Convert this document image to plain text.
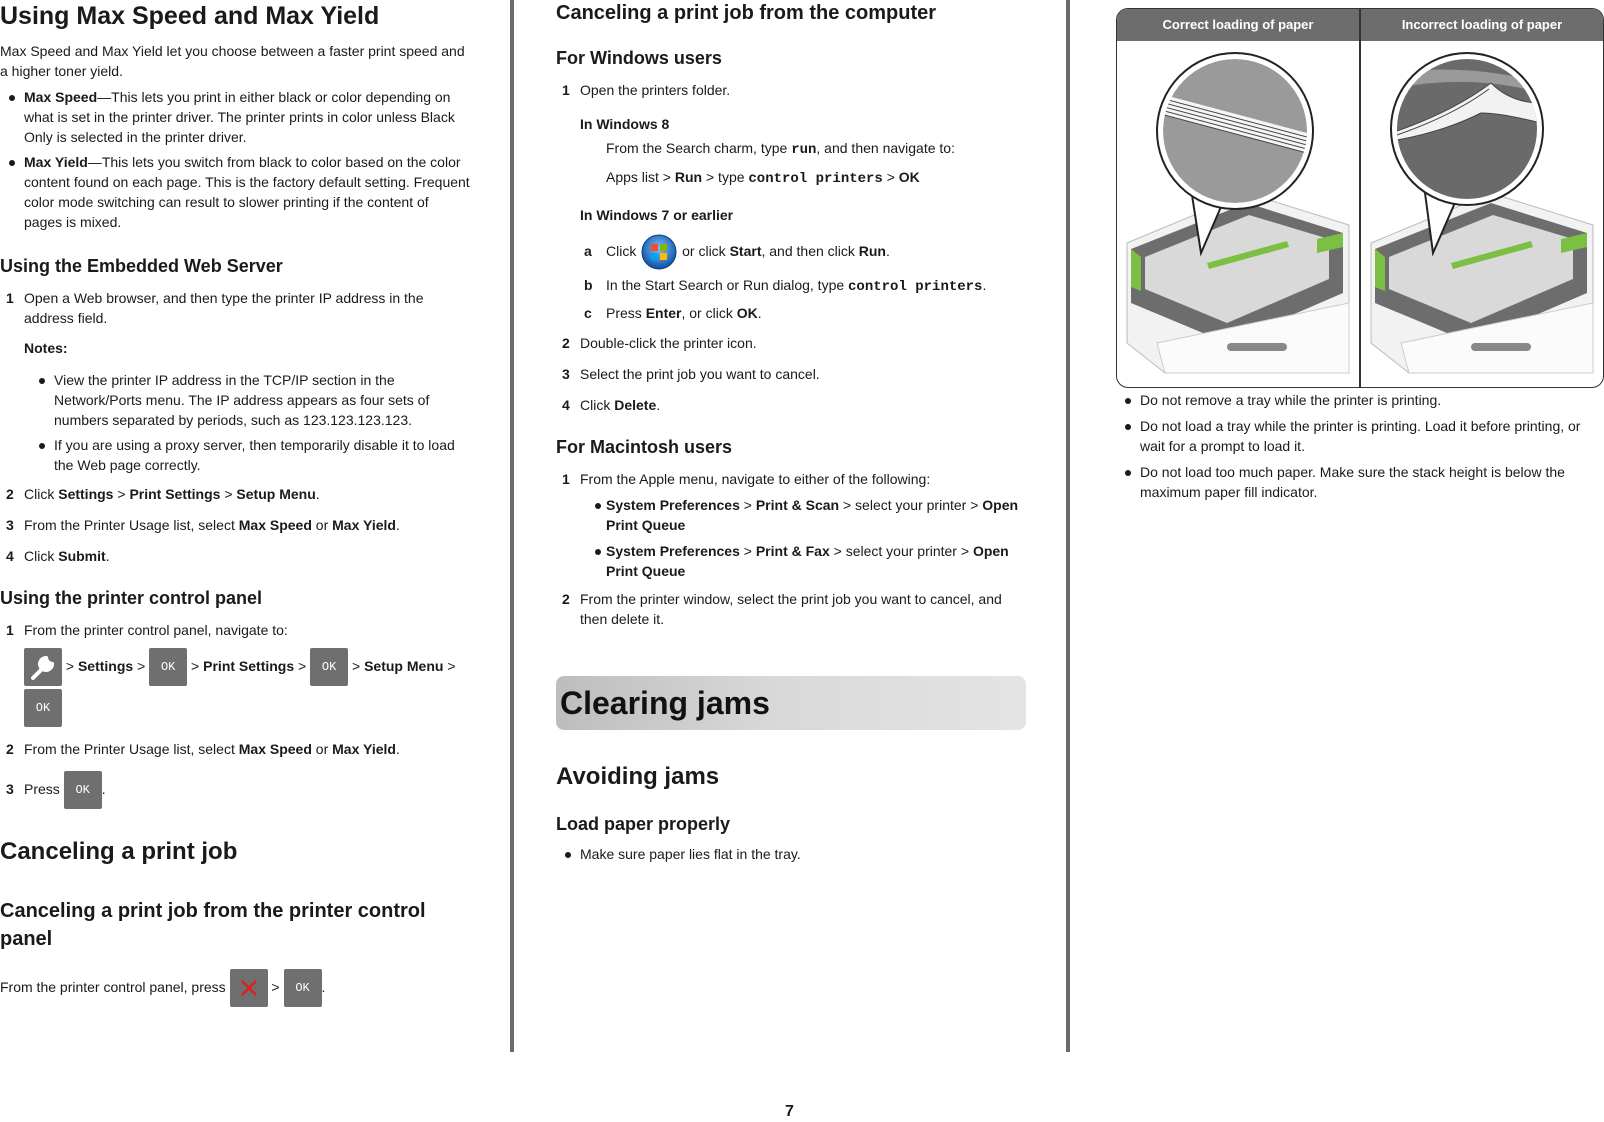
Using Max Speed and Max Yield

Max Speed and Max Yield let you choose between a faster print speed and a higher toner yield.

Max Speed—This lets you print in either black or color depending on what is set in the printer driver. The printer prints in color unless Black Only is selected in the printer driver.
Max Yield—This lets you switch from black to color based on the color content found on each page. This is the factory default setting. Frequent color mode switching can result to slower printing if the content of pages is mixed.
Using the Embedded Web Server
1 Open a Web browser, and then type the printer IP address in the address field.

Notes:

View the printer IP address in the TCP/IP section in the Network/Ports menu. The IP address appears as four sets of numbers separated by periods, such as 123.123.123.123.
If you are using a proxy server, then temporarily disable it to load the Web page correctly.
2 Click Settings > Print Settings > Setup Menu.
3 From the Printer Usage list, select Max Speed or Max Yield.
4 Click Submit.
Using the printer control panel
1 From the printer control panel, navigate to:
> Settings > OK > Print Settings > OK > Setup Menu >
OK
2 From the Printer Usage list, select Max Speed or Max Yield.
3 Press OK .
Canceling a print job
Canceling a print job from the printer control panel

From the printer control panel, press	> OK .

Canceling a print job from the computer
For Windows users
1 Open the printers folder.

In Windows 8

From the Search charm, type run, and then navigate to:

Apps list > Run > type control printers > OK

In Windows 7 or earlier

a Click	or click Start, and then click Run.
b In the Start Search or Run dialog, type control printers.
c Press Enter, or click OK.
2 Double-click the printer icon.
3 Select the print job you want to cancel.
4 Click Delete.
For Macintosh users
1 From the Apple menu, navigate to either of the following:
System Preferences > Print & Scan > select your printer > Open Print Queue
System Preferences > Print & Fax > select your printer > Open Print Queue
2 From the printer window, select the print job you want to cancel, and then delete it.
Avoiding jams
Load paper properly
Make sure paper lies flat in the tray.
Clearing jams
Correct loading of paper	Incorrect loading of paper
Do not remove a tray while the printer is printing.
Do not load a tray while the printer is printing. Load it before printing, or wait for a prompt to load it.
Do not load too much paper. Make sure the stack height is below the maximum paper fill indicator.
7
